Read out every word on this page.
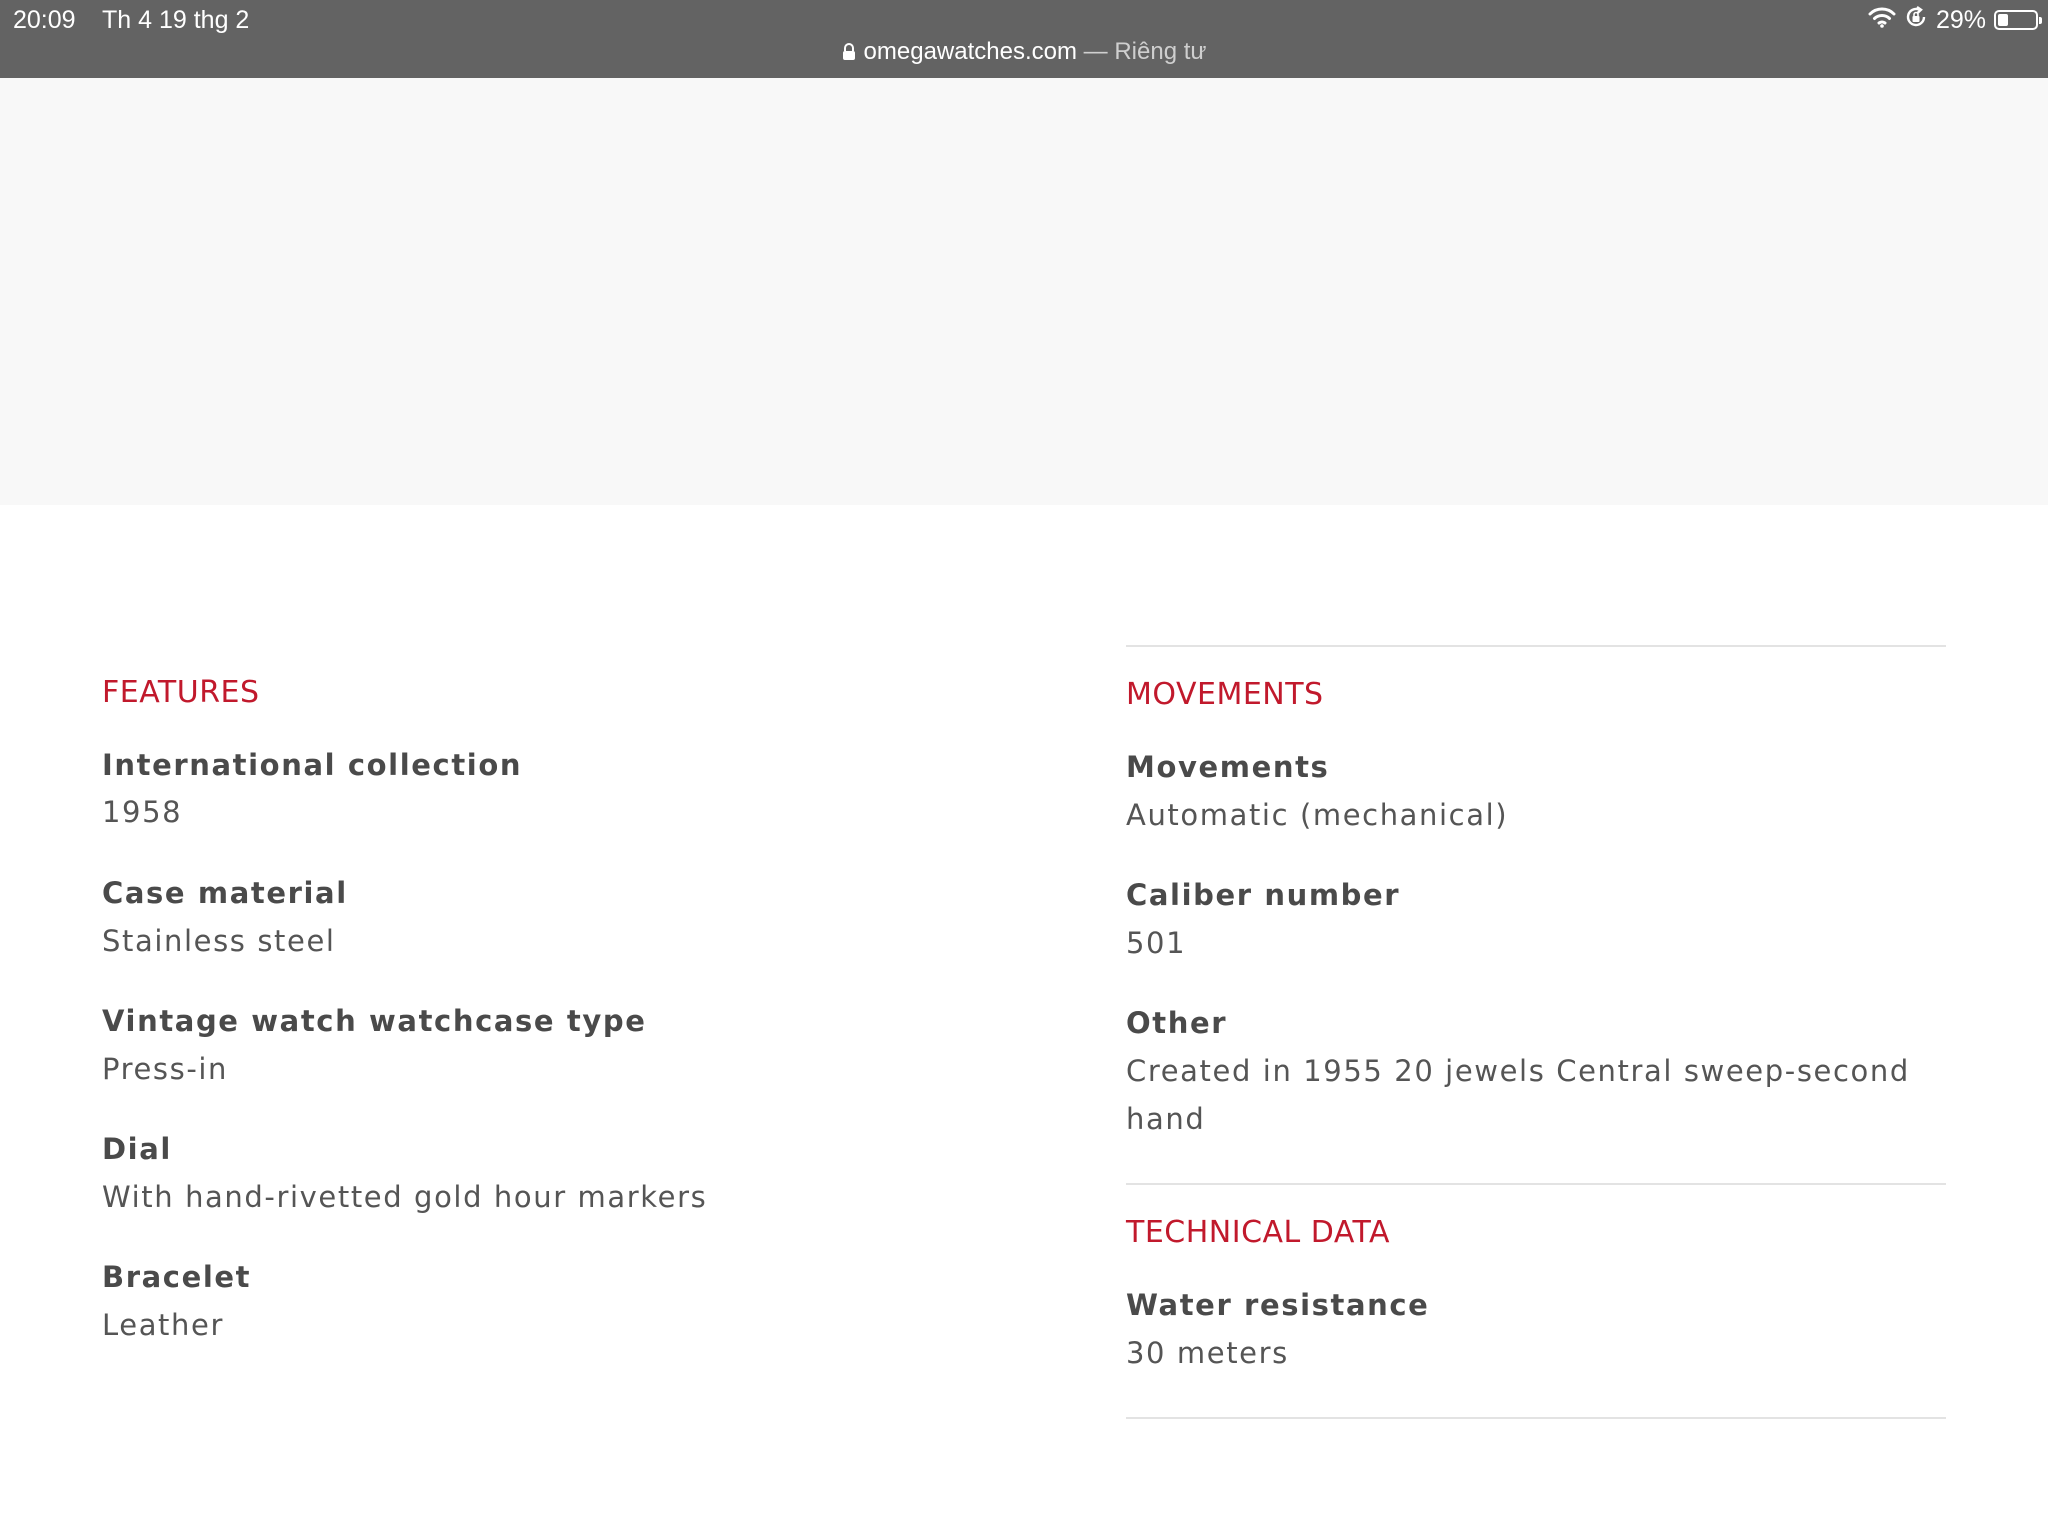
20:09 Th 4 19 thg 2
omegawatches.com — Riêng tư
29%
FEATURES
International collection
1958
Case material
Stainless steel
Vintage watch watchcase type
Press-in
Dial
With hand-rivetted gold hour markers
Bracelet
Leather
MOVEMENTS
Movements
Automatic (mechanical)
Caliber number
501
Other
Created in 1955 20 jewels Central sweep-second hand
TECHNICAL DATA
Water resistance
30 meters
